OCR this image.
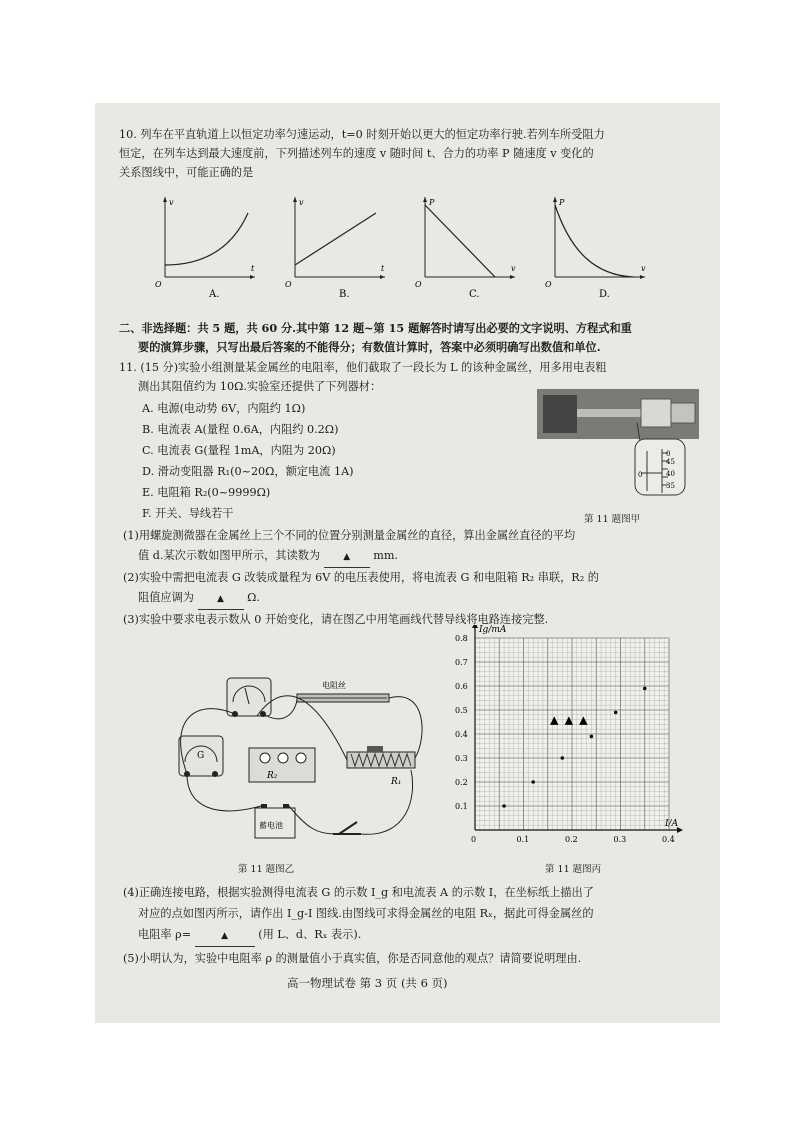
10. 列车在平直轨道上以恒定功率匀速运动，t=0 时刻开始以更大的恒定功率行驶.若列车所受阻力
恒定，在列车达到最大速度前，下列描述列车的速度 v 随时间 t、合力的功率 P 随速度 v 变化的
关系图线中，可能正确的是
v
t
O
A.
v
t
O
B.
P
v
O
C.
P
v
O
D.
二、非选择题：共 5 题，共 60 分.其中第 12 题~第 15 题解答时请写出必要的文字说明、方程式和重
要的演算步骤，只写出最后答案的不能得分；有数值计算时，答案中必须明确写出数值和单位.
11. (15 分)实验小组测量某金属丝的电阻率，他们截取了一段长为 L 的该种金属丝，用多用电表粗
测出其阻值约为 10Ω.实验室还提供了下列器材：
A. 电源(电动势 6V，内阻约 1Ω)
B. 电流表 A(量程 0.6A，内阻约 0.2Ω)
C. 电流表 G(量程 1mA，内阻为 20Ω)
D. 滑动变阻器 R₁(0~20Ω，额定电流 1A)
E. 电阻箱 R₂(0~9999Ω)
F. 开关、导线若干
0
45
40
35
0
第 11 题图甲
(1)用螺旋测微器在金属丝上三个不同的位置分别测量金属丝的直径，算出金属丝直径的平均
值 d.某次示数如图甲所示，其读数为	▲ mm.
(2)实验中需把电流表 G 改装成量程为 6V 的电压表使用，将电流表 G 和电阻箱 R₂ 串联，R₂ 的
阻值应调为	▲ Ω.
(3)实验中要求电表示数从 0 开始变化，请在图乙中用笔画线代替导线将电路连接完整.
G
电阻丝
R₂
R₁
蓄电池
第 11 题图乙
Ig/mA
I/A
0	0.1	0.2	0.3	0.4
0.1
0.2
0.3
0.4
0.5
0.6
0.7
0.8
▲ ▲ ▲
第 11 题图丙
(4)正确连接电路，根据实验测得电流表 G 的示数 I_g 和电流表 A 的示数 I，在坐标纸上描出了
对应的点如图丙所示，请作出 I_g-I 图线.由图线可求得金属丝的电阻 Rₓ，据此可得金属丝的
电阻率 ρ=	▲	(用 L、d、Rₓ 表示).
(5)小明认为，实验中电阻率 ρ 的测量值小于真实值，你是否同意他的观点？请简要说明理由.
高一物理试卷 第 3 页 (共 6 页)
